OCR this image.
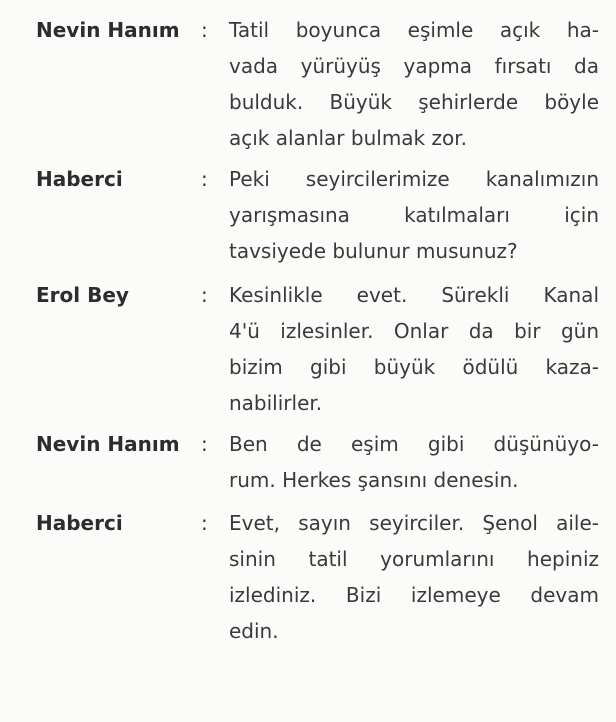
Nevin Hanım	: Tatil boyunca eşimle açık ha-
vada yürüyüş yapma fırsatı da
bulduk. Büyük şehirlerde böyle
açık alanlar bulmak zor.
Haberci	: Peki seyircilerimize kanalımızın
yarışmasına katılmaları için
tavsiyede bulunur musunuz?
Erol Bey	: Kesinlikle evet. Sürekli Kanal
4'ü izlesinler. Onlar da bir gün
bizim gibi büyük ödülü kaza-
nabilirler.
Nevin Hanım	: Ben de eşim gibi düşünüyo-
rum. Herkes şansını denesin.
Haberci	: Evet, sayın seyirciler. Şenol aile-
sinin tatil yorumlarını hepiniz
izlediniz. Bizi izlemeye devam
edin.
